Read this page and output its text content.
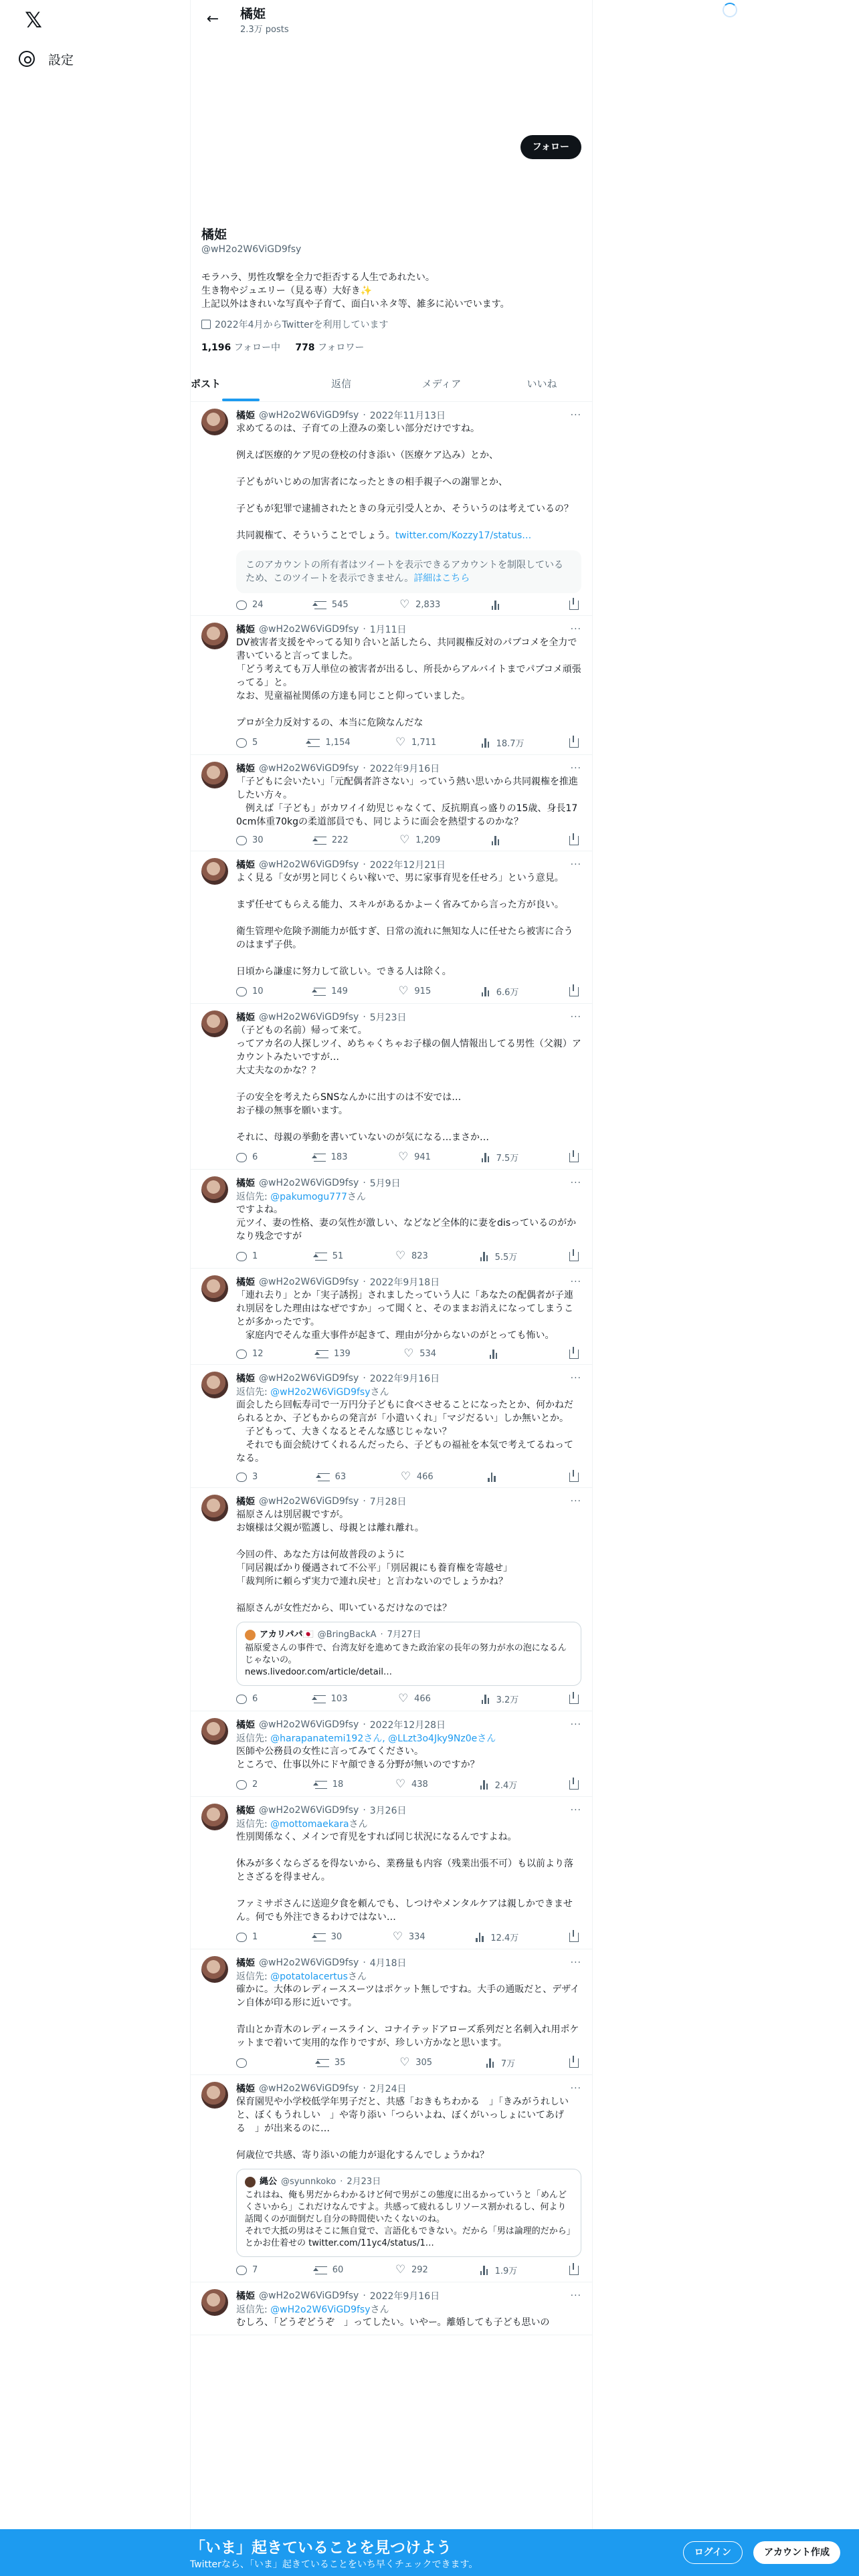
𝕏
設定
←	橘姫
2.3万 posts
フォロー
橘姫
@wH2o2W6ViGD9fsy
モラハラ、男性攻撃を全力で拒否する人生であれたい。
生き物やジュエリー（見る専）大好き✨
上記以外はきれいな写真や子育て、面白いネタ等、雑多に沁いでいます。
2022年4月からTwitterを利用しています
1,196 フォロー中 778 フォロワー
ポスト	返信	メディア	いいね
橘姫 @wH2o2W6ViGD9fsy · 2022年11月13日	···
求めてるのは、子育ての上澄みの楽しい部分だけですね。

例えば医療的ケア児の登校の付き添い（医療ケア込み）とか、

子どもがいじめの加害者になったときの相手親子への謝罪とか、

子どもが犯罪で逮捕されたときの身元引受人とか、そういうのは考えているの？

共同親権て、そういうことでしょう。twitter.com/Kozzy17/status…
このアカウントの所有者はツイートを表示できるアカウントを制限しているため、このツイートを表示できません。詳細はこちら
24	545 ♡	2,833
橘姫 @wH2o2W6ViGD9fsy · 1月11日	···
DV被害者支援をやってる知り合いと話したら、共同親権反対のパブコメを全力で書いていると言ってました。
「どう考えても万人単位の被害者が出るし、所長からアルバイトまでパブコメ頑張ってる」と。
なお、児童福祉関係の方達も同じこと仰っていました。

プロが全力反対するの、本当に危険なんだな
5	1,154 ♡	1,711	18.7万
橘姫 @wH2o2W6ViGD9fsy · 2022年9月16日	···
「子どもに会いたい」「元配偶者許さない」っていう熱い思いから共同親権を推進したい方々。
　例えば「子ども」がカワイイ幼児じゃなくて、反抗期真っ盛りの15歳、身長170cm体重70kgの柔道部員でも、同じように面会を熱望するのかな？
30	222 ♡	1,209
橘姫 @wH2o2W6ViGD9fsy · 2022年12月21日	···
よく見る「女が男と同じくらい稼いで、男に家事育児を任せろ」という意見。

まず任せてもらえる能力、スキルがあるかよーく省みてから言った方が良い。

衛生管理や危険予測能力が低すぎ、日常の流れに無知な人に任せたら被害に合うのはまず子供。

日頃から謙虚に努力して欲しい。できる人は除く。
10	149 ♡	915	6.6万
橘姫 @wH2o2W6ViGD9fsy · 5月23日	···
（子どもの名前）帰って来て。
ってアカ名の人探しツイ、めちゃくちゃお子様の個人情報出してる男性（父親）アカウントみたいですが…
大丈夫なのかな？？

子の安全を考えたらSNSなんかに出すのは不安では…
お子様の無事を願います。

それに、母親の挙動を書いていないのが気になる…まさか…
6	183 ♡	941	7.5万
橘姫 @wH2o2W6ViGD9fsy · 5月9日	···
返信先: @pakumogu777さん
ですよね。
元ツイ、妻の性格、妻の気性が激しい、などなど全体的に妻をdisっているのがかなり残念ですが
1	51 ♡	823	5.5万
橘姫 @wH2o2W6ViGD9fsy · 2022年9月18日	···
「連れ去り」とか「実子誘拐」されましたっていう人に「あなたの配偶者が子連れ別居をした理由はなぜですか」って聞くと、そのままお消えになってしまうことが多かったです。
　家庭内でそんな重大事件が起きて、理由が分からないのがとっても怖い。
12	139 ♡	534
橘姫 @wH2o2W6ViGD9fsy · 2022年9月16日	···
返信先: @wH2o2W6ViGD9fsyさん
面会したら回転寿司で一万円分子どもに食べさせることになったとか、何かねだられるとか、子どもからの発言が「小遣いくれ」「マジだるい」しか無いとか。
　子どもって、大きくなるとそんな感じじゃない？
　それでも面会続けてくれるんだったら、子どもの福祉を本気で考えてるねってなる。
3	63 ♡	466
橘姫 @wH2o2W6ViGD9fsy · 7月28日	···
福原さんは別居親ですが。
お嬢様は父親が監護し、母親とは離れ離れ。

今回の件、あなた方は何故普段のように
「同居親ばかり優遇されて不公平」「別居親にも養育権を寄越せ」
「裁判所に頼らず実力で連れ戻せ」と言わないのでしょうかね？

福原さんが女性だから、叩いているだけなのでは？
アカリパパ🇯🇵 @BringBackA · 7月27日
福原愛さんの事件で、台湾友好を進めてきた政治家の長年の努力が水の泡になるんじゃないの。
news.livedoor.com/article/detail…
6	103 ♡	466	3.2万
橘姫 @wH2o2W6ViGD9fsy · 2022年12月28日	···
返信先: @harapanatemi192さん, @LLzt3o4Jky9Nz0eさん
医師や公務員の女性に言ってみてください。
ところで、仕事以外にドヤ顔できる分野が無いのですか？
2	18 ♡	438	2.4万
橘姫 @wH2o2W6ViGD9fsy · 3月26日	···
返信先: @mottomaekaraさん
性別関係なく、メインで育児をすれば同じ状況になるんですよね。

休みが多くならざるを得ないから、業務量も内容（残業出張不可）も以前より落とさざるを得ません。

ファミサポさんに送迎夕食を頼んでも、しつけやメンタルケアは親しかできません。何でも外注できるわけではない…
1	30 ♡	334	12.4万
橘姫 @wH2o2W6ViGD9fsy · 4月18日	···
返信先: @potatolacertusさん
確かに。大体のレディーススーツはポケット無しですね。大手の通販だと、デザイン自体が印る形に近いです。

青山とか青木のレディースライン、コナイテッドアローズ系列だと名刺入れ用ポケットまで着いて実用的な作りですが、珍しい方かなと思います。
35 ♡	305	7万
橘姫 @wH2o2W6ViGD9fsy · 2月24日	···
保育園児や小学校低学年男子だと、共感「おきもちわかる　」「きみがうれしいと、ぼくもうれしい　」や寄り添い「つらいよね、ぼくがいっしょにいてあげる　」が出来るのに…

何歳位で共感、寄り添いの能力が退化するんでしょうかね？
縄公 @syunnkoko · 2月23日
これはね、俺も男だからわかるけど何で男がこの態度に出るかっていうと「めんどくさいから」これだけなんですよ。共感って疲れるしリソース割かれるし、何より話聞くのが面倒だし自分の時間使いたくないのね。
それで大抵の男はそこに無自覚で、言語化もできない。だから「男は論理的だから」とかお仕着せの twitter.com/11yc4/status/1…
7	60 ♡	292	1.9万
橘姫 @wH2o2W6ViGD9fsy · 2022年9月16日	···
返信先: @wH2o2W6ViGD9fsyさん
むしろ、「どうぞどうぞ　」ってしたい。いやー。離婚しても子ども思いの
「いま」起きていることを見つけよう
Twitterなら、「いま」起きていることをいち早くチェックできます。
ログイン	アカウント作成
